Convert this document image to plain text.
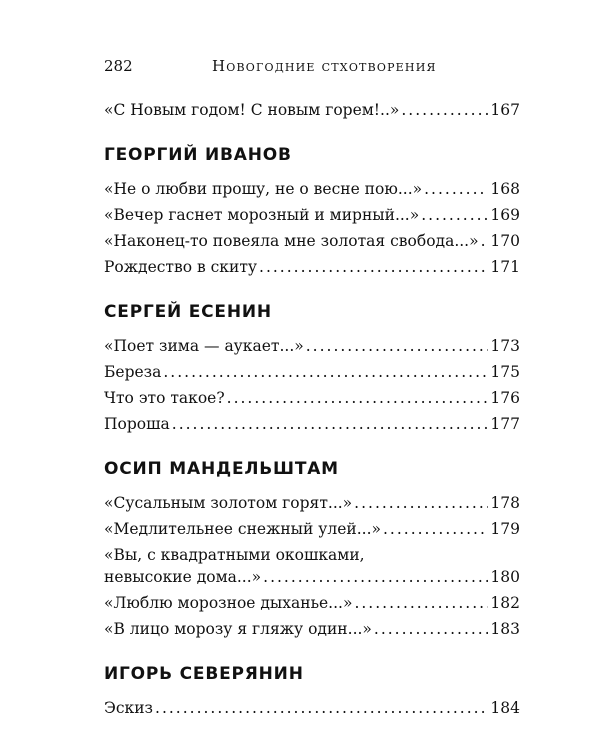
282	Новогодние стхотворения
«С Новым годом! С новым горем!..» .....	167
ГЕОРГИЙ ИВАНОВ
«Не о любви прошу, не о весне пою...» .....	168
«Вечер гаснет морозный и мирный...» .....	169
«Наконец-то повеяла мне золотая свобода...» ..... 170
Рождество в скиту .....	171
СЕРГЕЙ ЕСЕНИН
«Поет зима — аукает...» .....	173
Береза .....	175
Что это такое? .....	176
Пороша .....	177
ОСИП МАНДЕЛЬШТАМ
«Сусальным золотом горят...» .....	178
«Медлительнее снежный улей...» .....	179
«Вы, с квадратными окошками,
невысокие дома...» .....	180
«Люблю морозное дыханье...» .....	182
«В лицо морозу я гляжу один...» .....	183
ИГОРЬ СЕВЕРЯНИН
Эскиз .....	184
